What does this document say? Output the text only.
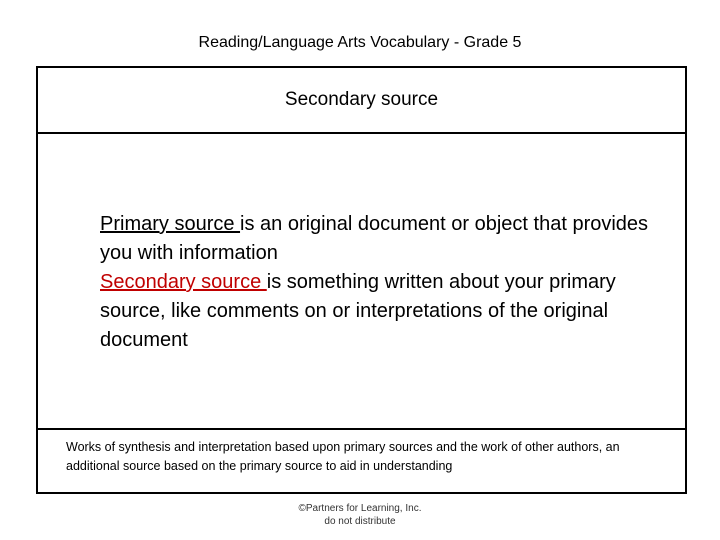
Reading/Language Arts Vocabulary - Grade 5
Secondary source
Primary source is an original document or object that provides you with information
Secondary source is something written about your primary source, like comments on or interpretations of the original document
Works of synthesis and interpretation based upon primary sources and the work of other authors, an additional source based on the primary source to aid in understanding
©Partners for Learning, Inc.
do not distribute
